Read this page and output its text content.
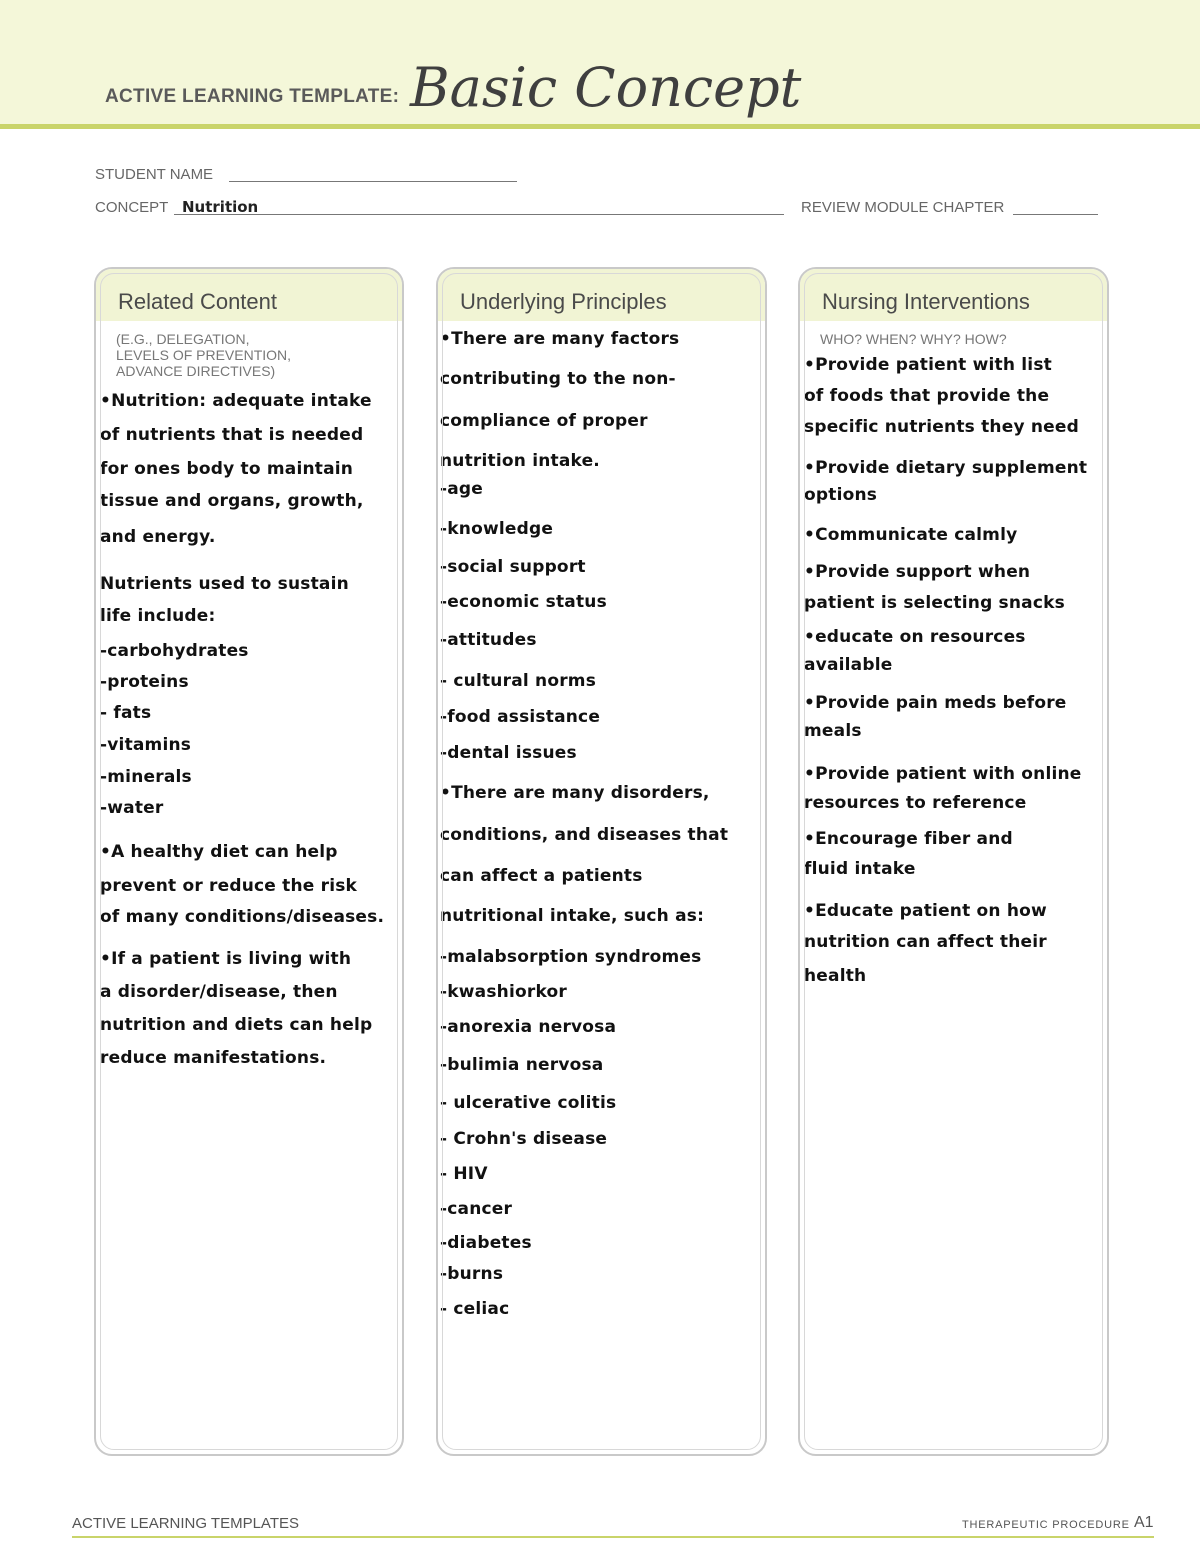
ACTIVE LEARNING TEMPLATE: Basic Concept
STUDENT NAME
CONCEPT Nutrition	REVIEW MODULE CHAPTER
Related Content
(E.G., DELEGATION,
LEVELS OF PREVENTION,
ADVANCE DIRECTIVES)
•Nutrition: adequate intake
of nutrients that is needed
for ones body to maintain
tissue and organs, growth,
and energy.
Nutrients used to sustain
life include:
-carbohydrates
-proteins
- fats
-vitamins
-minerals
-water
•A healthy diet can help
prevent or reduce the risk
of many conditions/diseases.
•If a patient is living with
a disorder/disease, then
nutrition and diets can help
reduce manifestations.
Underlying Principles
•There are many factors
contributing to the non-
compliance of proper
nutrition intake.
-age
-knowledge
-social support
-economic status
-attitudes
- cultural norms
-food assistance
-dental issues
•There are many disorders,
conditions, and diseases that
can affect a patients
nutritional intake, such as:
-malabsorption syndromes
-kwashiorkor
-anorexia nervosa
-bulimia nervosa
- ulcerative colitis
- Crohn's disease
- HIV
-cancer
-diabetes
-burns
- celiac
Nursing Interventions
WHO? WHEN? WHY? HOW?
•Provide patient with list
of foods that provide the
specific nutrients they need
•Provide dietary supplement
options
•Communicate calmly
•Provide support when
patient is selecting snacks
•educate on resources
available
•Provide pain meds before
meals
•Provide patient with online
resources to reference
•Encourage fiber and
fluid intake
•Educate patient on how
nutrition can affect their
health
ACTIVE LEARNING TEMPLATES	THERAPEUTIC PROCEDURE A1
